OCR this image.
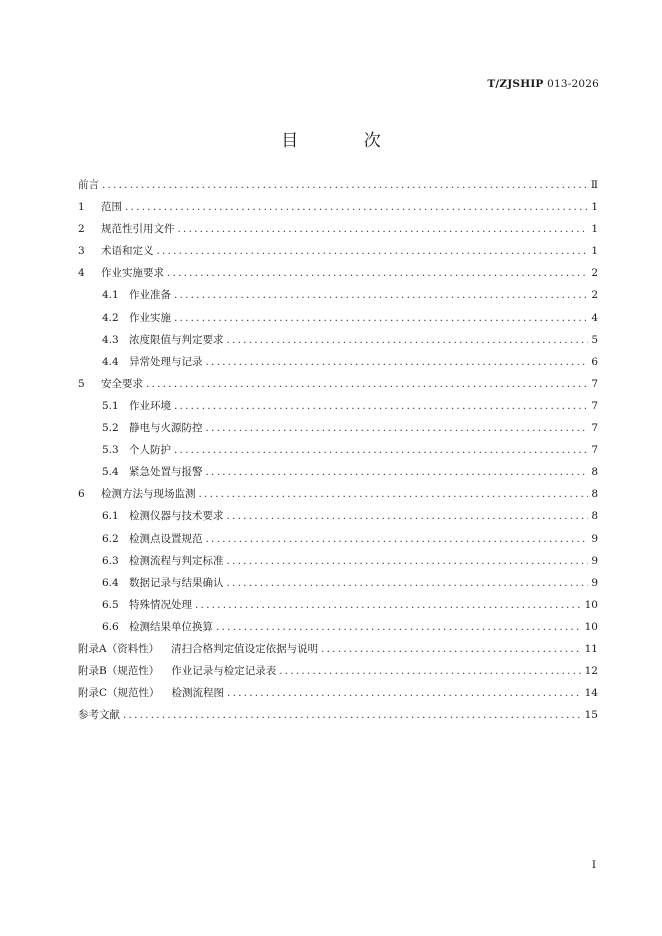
T/ZJSHIP 013-2026
目 次
前言 .....	Ⅱ
1	范围 .....	1
2	规范性引用文件 .....	1
3	术语和定义 .....	1
4	作业实施要求 .....	2
4.1 作业准备 .....	2
4.2 作业实施 .....	4
4.3 浓度限值与判定要求 .....	5
4.4 异常处理与记录 .....	6
5	安全要求 .....	7
5.1 作业环境 .....	7
5.2 静电与火源防控 .....	7
5.3 个人防护 .....	7
5.4 紧急处置与报警 .....	8
6	检测方法与现场监测 .....	8
6.1 检测仪器与技术要求 .....	8
6.2 检测点设置规范 .....	9
6.3 检测流程与判定标准 .....	9
6.4 数据记录与结果确认 .....	9
6.5 特殊情况处理 .....	10
6.6 检测结果单位换算 .....	10
附录A（资料性） 清扫合格判定值设定依据与说明 .....	11
附录B（规范性） 作业记录与检定记录表 .....	12
附录C（规范性） 检测流程图 .....	14
参考文献 .....	15
I
